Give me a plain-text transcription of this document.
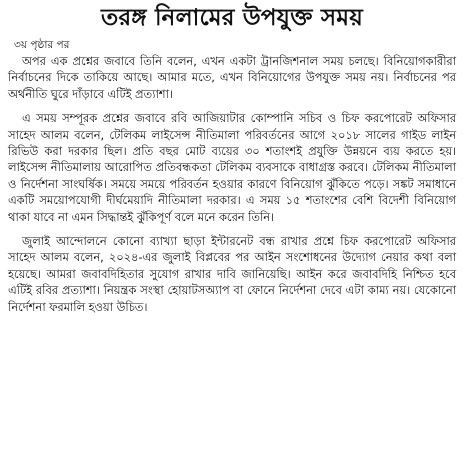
তরঙ্গ নিলামের উপযুক্ত সময়
৩য় পৃষ্ঠার পর

অপর এক প্রশ্নের জবাবে তিনি বলেন, এখন একটা ট্রানজিশনাল সময় চলছে। বিনিয়োগকারীরা নির্বাচনের দিকে তাকিয়ে আছে। আমার মতে, এখন বিনিয়োগের উপযুক্ত সময় নয়। নির্বাচনের পর অর্থনীতি ঘুরে দাঁড়াবে এটিই প্রত্যাশা।

এ সময় সম্পূরক প্রশ্নের জবাবে রবি আজিয়াটার কোম্পানি সচিব ও চিফ করপোরেট অফিসার সাহেদ আলম বলেন, টেলিকম লাইসেন্স নীতিমালা পরিবর্তনের আগে ২০১৮ সালের গাইড লাইন রিভিউ করা দরকার ছিল। প্রতি বছর মোট ব্যয়ের ৩০ শতাংশই প্রযুক্তি উন্নয়নে ব্যয় করতে হয়। লাইসেন্স নীতিমালায় আরোপিত প্রতিবন্ধকতা টেলিকম ব্যবসাকে বাধাগ্রস্ত করবে। টেলিকম নীতিমালা ও নির্দেশনা সাংঘর্ষিক। সময়ে সময়ে পরিবর্তন হওয়ার কারণে বিনিয়োগ ঝুঁকিতে পড়ে। সঙ্কট সমাধানে একটি সময়োপযোগী দীর্ঘমেয়াদি নীতিমালা দরকার। এ সময় ১৫ শতাংশের বেশি বিদেশী বিনিয়োগ থাকা যাবে না এমন সিদ্ধান্তই ঝুঁকিপূর্ণ বলে মনে করেন তিনি।

জুলাই আন্দোলনে কোনো ব্যাখ্যা ছাড়া ইন্টারনেট বন্ধ রাখার প্রশ্নে চিফ করপোরেট অফিসার সাহেদ আলম বলেন, ২০২৪-এর জুলাই বিপ্লবের পর আইন সংশোধনের উদ্যোগ নেয়ার কথা বলা হয়েছে। আমরা জবাবদিহিতার সুযোগ রাখার দাবি জানিয়েছি। আইন করে জবাবদিহি নিশ্চিত হবে এটিই রবির প্রত্যাশা। নিয়ন্ত্রক সংস্থা হোয়াটসঅ্যাপ বা ফোনে নির্দেশনা দেবে এটা কাম্য নয়। যেকোনো নির্দেশনা ফরমালি হওয়া উচিত।
